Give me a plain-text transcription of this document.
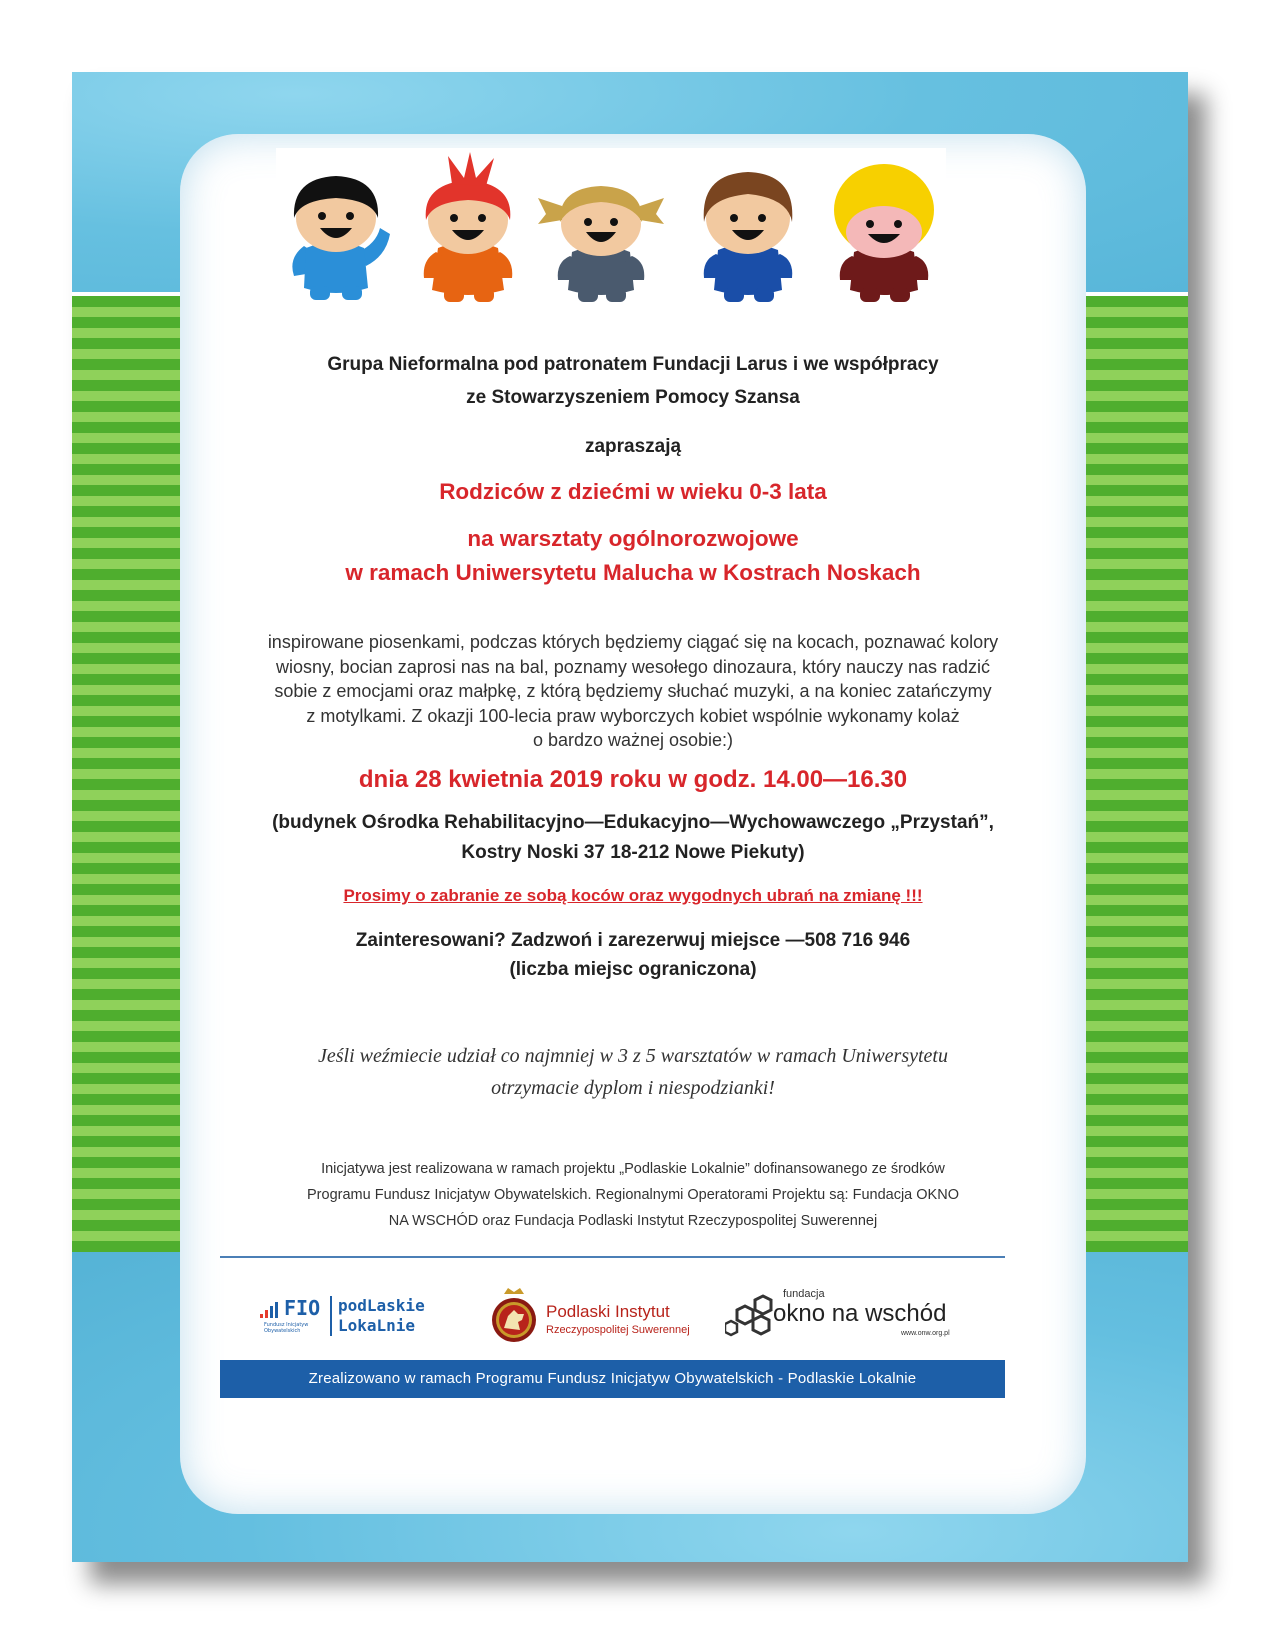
Grupa Nieformalna pod patronatem Fundacji Larus i we współpracy
ze Stowarzyszeniem Pomocy Szansa
zapraszają
Rodziców z dziećmi w wieku 0-3 lata
na warsztaty ogólnorozwojowe
w ramach Uniwersytetu Malucha w Kostrach Noskach
inspirowane piosenkami, podczas których będziemy ciągać się na kocach, poznawać kolory
wiosny, bocian zaprosi nas na bal, poznamy wesołego dinozaura, który nauczy nas radzić
sobie z emocjami oraz małpkę, z którą będziemy słuchać muzyki, a na koniec zatańczymy
z motylkami. Z okazji 100-lecia praw wyborczych kobiet wspólnie wykonamy kolaż
o bardzo ważnej osobie:)
dnia 28 kwietnia 2019 roku w godz. 14.00—16.30
(budynek Ośrodka Rehabilitacyjno—Edukacyjno—Wychowawczego „Przystań”,
Kostry Noski 37 18-212 Nowe Piekuty)
Prosimy o zabranie ze sobą koców oraz wygodnych ubrań na zmianę !!!
Zainteresowani? Zadzwoń i zarezerwuj miejsce —508 716 946
(liczba miejsc ograniczona)
Jeśli weźmiecie udział co najmniej w 3 z 5 warsztatów w ramach Uniwersytetu
otrzymacie dyplom i niespodzianki!
Inicjatywa jest realizowana w ramach projektu „Podlaskie Lokalnie” dofinansowanego ze środków
Programu Fundusz Inicjatyw Obywatelskich. Regionalnymi Operatorami Projektu są: Fundacja OKNO
NA WSCHÓD oraz Fundacja Podlaski Instytut Rzeczypospolitej Suwerennej
FIO
Fundusz Inicjatyw Obywatelskich
podLaskie
LokaLnie
Podlaski Instytut
Rzeczypospolitej Suwerennej
fundacja
okno na wschód
www.onw.org.pl
Zrealizowano w ramach Programu Fundusz Inicjatyw Obywatelskich - Podlaskie Lokalnie
